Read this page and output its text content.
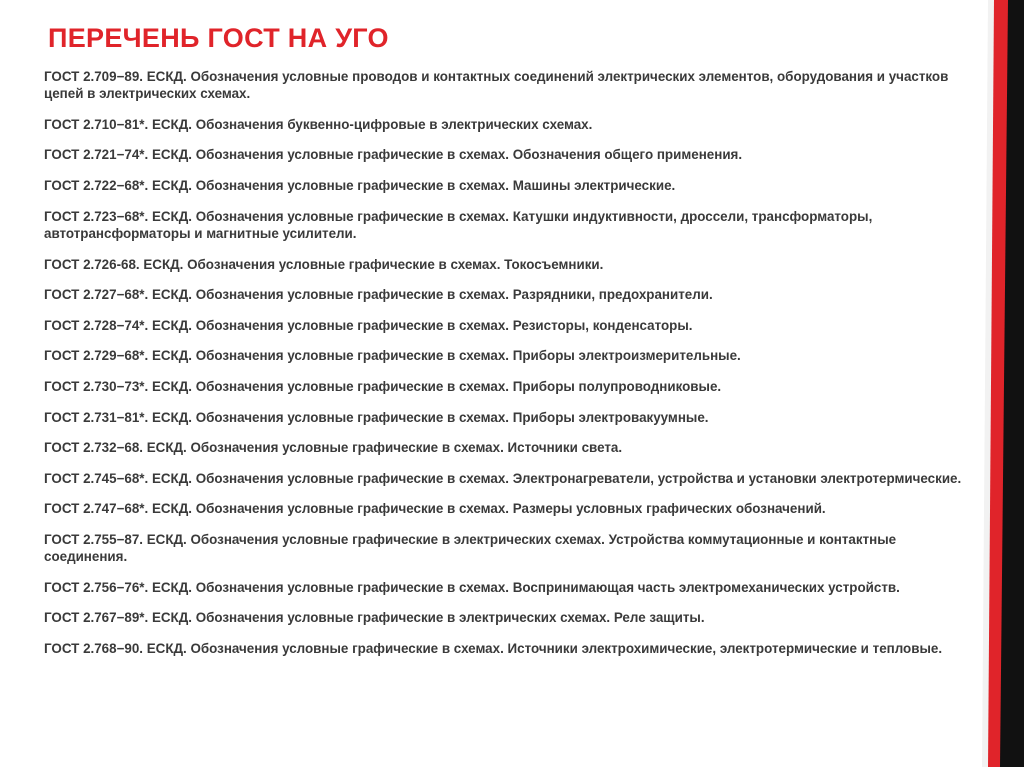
ПЕРЕЧЕНЬ ГОСТ НА УГО
ГОСТ 2.709−89. ЕСКД. Обозначения условные проводов и контактных соединений электрических элементов, оборудования и участков цепей в электрических схемах.
ГОСТ 2.710−81*. ЕСКД. Обозначения буквенно-цифровые в электрических схемах.
ГОСТ 2.721−74*. ЕСКД. Обозначения условные графические в схемах. Обозначения общего применения.
ГОСТ 2.722−68*. ЕСКД. Обозначения условные графические в схемах. Машины электрические.
ГОСТ 2.723−68*. ЕСКД. Обозначения условные графические в схемах. Катушки индуктивности, дроссели, трансформаторы, автотрансформаторы и магнитные усилители.
ГОСТ 2.726-68. ЕСКД. Обозначения условные графические в схемах. Токосъемники.
ГОСТ 2.727−68*. ЕСКД. Обозначения условные графические в схемах. Разрядники, предохранители.
ГОСТ 2.728−74*. ЕСКД. Обозначения условные графические в схемах. Резисторы, конденсаторы.
ГОСТ 2.729−68*. ЕСКД. Обозначения условные графические в схемах. Приборы электроизмерительные.
ГОСТ 2.730−73*. ЕСКД. Обозначения условные графические в схемах. Приборы полупроводниковые.
ГОСТ 2.731−81*. ЕСКД. Обозначения условные графические в схемах. Приборы электровакуумные.
ГОСТ 2.732−68. ЕСКД. Обозначения условные графические в схемах. Источники света.
ГОСТ 2.745−68*. ЕСКД. Обозначения условные графические в схемах. Электронагреватели, устройства и установки электротермические.
ГОСТ 2.747−68*. ЕСКД. Обозначения условные графические в схемах. Размеры условных графических обозначений.
ГОСТ 2.755−87. ЕСКД. Обозначения условные графические в электрических схемах. Устройства коммутационные и контактные соединения.
ГОСТ 2.756−76*. ЕСКД. Обозначения условные графические в схемах. Воспринимающая часть электромеханических устройств.
ГОСТ 2.767−89*. ЕСКД. Обозначения условные графические в электрических схемах. Реле защиты.
ГОСТ 2.768−90. ЕСКД. Обозначения условные графические в схемах. Источники электрохимические, электротермические и тепловые.
